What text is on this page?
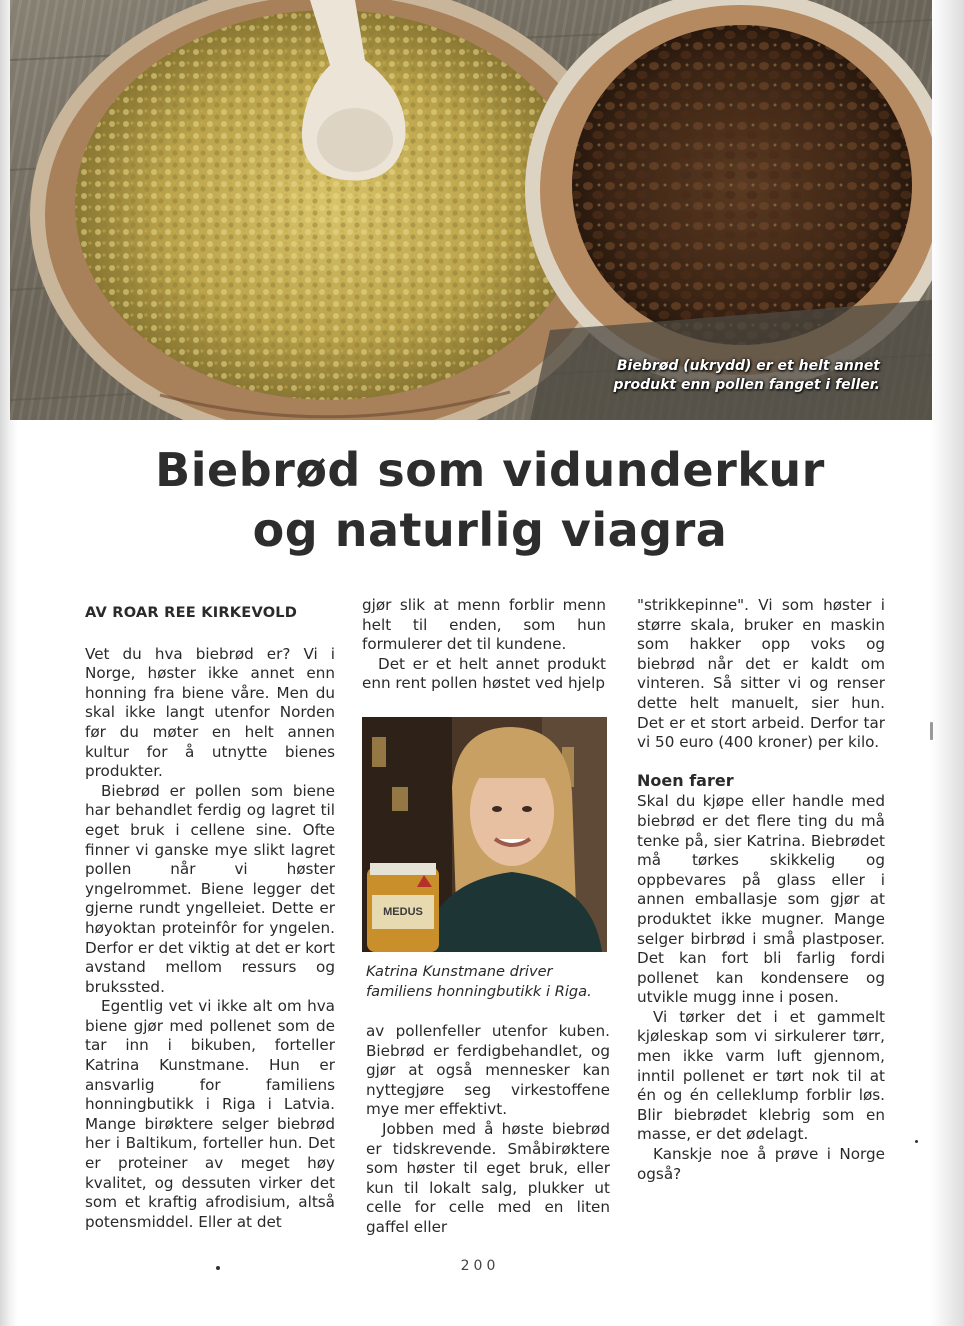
Biebrød (ukrydd) er et helt annet
produkt enn pollen fanget i feller.
Biebrød som vidunderkur
og naturlig viagra

AV ROAR REE KIRKEVOLD

Vet du hva biebrød er? Vi i Norge, høster ikke annet enn honning fra biene våre. Men du skal ikke langt utenfor Norden før du møter en helt annen kultur for å utnytte bienes produkter.

Biebrød er pollen som biene har behandlet ferdig og lagret til eget bruk i cellene sine. Ofte finner vi ganske mye slikt lagret pollen når vi høster yngelrommet. Biene legger det gjerne rundt yngelleiet. Dette er høyoktan proteinfôr for yngelen. Derfor er det viktig at det er kort avstand mellom ressurs og brukssted.

Egentlig vet vi ikke alt om hva biene gjør med pollenet som de tar inn i bikuben, forteller Katrina Kunstmane. Hun er ansvarlig for familiens honningbutikk i Riga i Latvia. Mange birøktere selger biebrød her i Baltikum, forteller hun. Det er proteiner av meget høy kvalitet, og dessuten virker det som et kraftig afrodisium, altså potensmiddel. Eller at det

gjør slik at menn forblir menn helt til enden, som hun formulerer det til kundene.

Det er et helt annet produkt enn rent pollen høstet ved hjelp

MEDUS
Katrina Kunstmane driver familiens honningbutikk i Riga.

av pollenfeller utenfor kuben. Biebrød er ferdigbehandlet, og gjør at også mennesker kan nyttegjøre seg virkestoffene mye mer effektivt.

Jobben med å høste biebrød er tidskrevende. Småbirøktere som høster til eget bruk, eller kun til lokalt salg, plukker ut celle for celle med en liten gaffel eller

"strikkepinne". Vi som høster i større skala, bruker en maskin som hakker opp voks og biebrød når det er kaldt om vinteren. Så sitter vi og renser dette helt manuelt, sier hun. Det er et stort arbeid. Derfor tar vi 50 euro (400 kroner) per kilo.

Noen farer

Skal du kjøpe eller handle med biebrød er det flere ting du må tenke på, sier Katrina. Biebrødet må tørkes skikkelig og oppbevares på glass eller i annen emballasje som gjør at produktet ikke mugner. Mange selger birbrød i små plastposer. Det kan fort bli farlig fordi pollenet kan kondensere og utvikle mugg inne i posen.

Vi tørker det i et gammelt kjøleskap som vi sirkulerer tørr, men ikke varm luft gjennom, inntil pollenet er tørt nok til at én og én celleklump forblir løs. Blir biebrødet klebrig som en masse, er det ødelagt.

Kanskje noe å prøve i Norge også?

200
